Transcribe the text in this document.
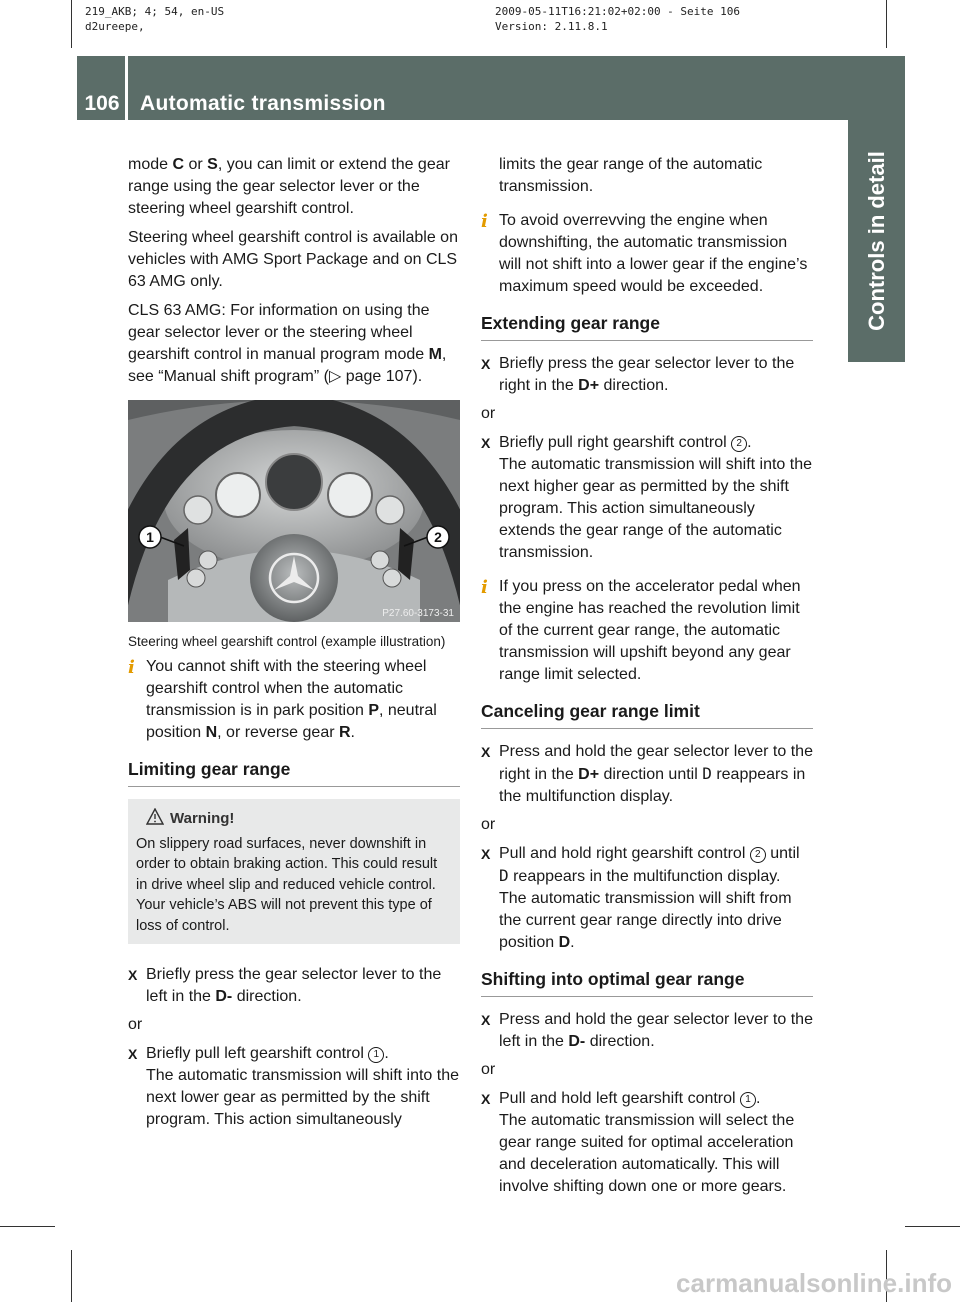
219_AKB; 4; 54, en-US
d2ureepe,
2009-05-11T16:21:02+02:00 - Seite 106
Version: 2.11.8.1
106 Automatic transmission
Controls in detail

mode C or S, you can limit or extend the gear range using the gear selector lever or the steering wheel gearshift control.

Steering wheel gearshift control is available on vehicles with AMG Sport Package and on CLS 63 AMG only.

CLS 63 AMG: For information on using the gear selector lever or the steering wheel gearshift control in manual program mode M, see “Manual shift program” (▷ page 107).

1	2
P27.60-3173-31

Steering wheel gearshift control (example illustration)

i You cannot shift with the steering wheel gearshift control when the automatic transmission is in park position P, neutral position N, or reverse gear R.
Limiting gear range
Warning!
On slippery road surfaces, never downshift in order to obtain braking action. This could result in drive wheel slip and reduced vehicle control. Your vehicle’s ABS will not prevent this type of loss of control.
X Briefly press the gear selector lever to the left in the D- direction.

or

X Briefly pull left gearshift control 1 .
The automatic transmission will shift into the next lower gear as permitted by the shift program. This action simultaneously

limits the gear range of the automatic transmission.

i To avoid overrevving the engine when downshifting, the automatic transmission will not shift into a lower gear if the engine’s maximum speed would be exceeded.
Extending gear range
X Briefly press the gear selector lever to the right in the D+ direction.

or

X Briefly pull right gearshift control 2 .
The automatic transmission will shift into the next higher gear as permitted by the shift program. This action simultaneously extends the gear range of the automatic transmission.
i If you press on the accelerator pedal when the engine has reached the revolution limit of the current gear range, the automatic transmission will upshift beyond any gear range limit selected.
Canceling gear range limit
X Press and hold the gear selector lever to the right in the D+ direction until D reappears in the multifunction display.

or

X Pull and hold right gearshift control 2 until D reappears in the multifunction display.
The automatic transmission will shift from the current gear range directly into drive position D.
Shifting into optimal gear range
X Press and hold the gear selector lever to the left in the D- direction.

or

X Pull and hold left gearshift control 1 .
The automatic transmission will select the gear range suited for optimal acceleration and deceleration automatically. This will involve shifting down one or more gears.
carmanualsonline.info
